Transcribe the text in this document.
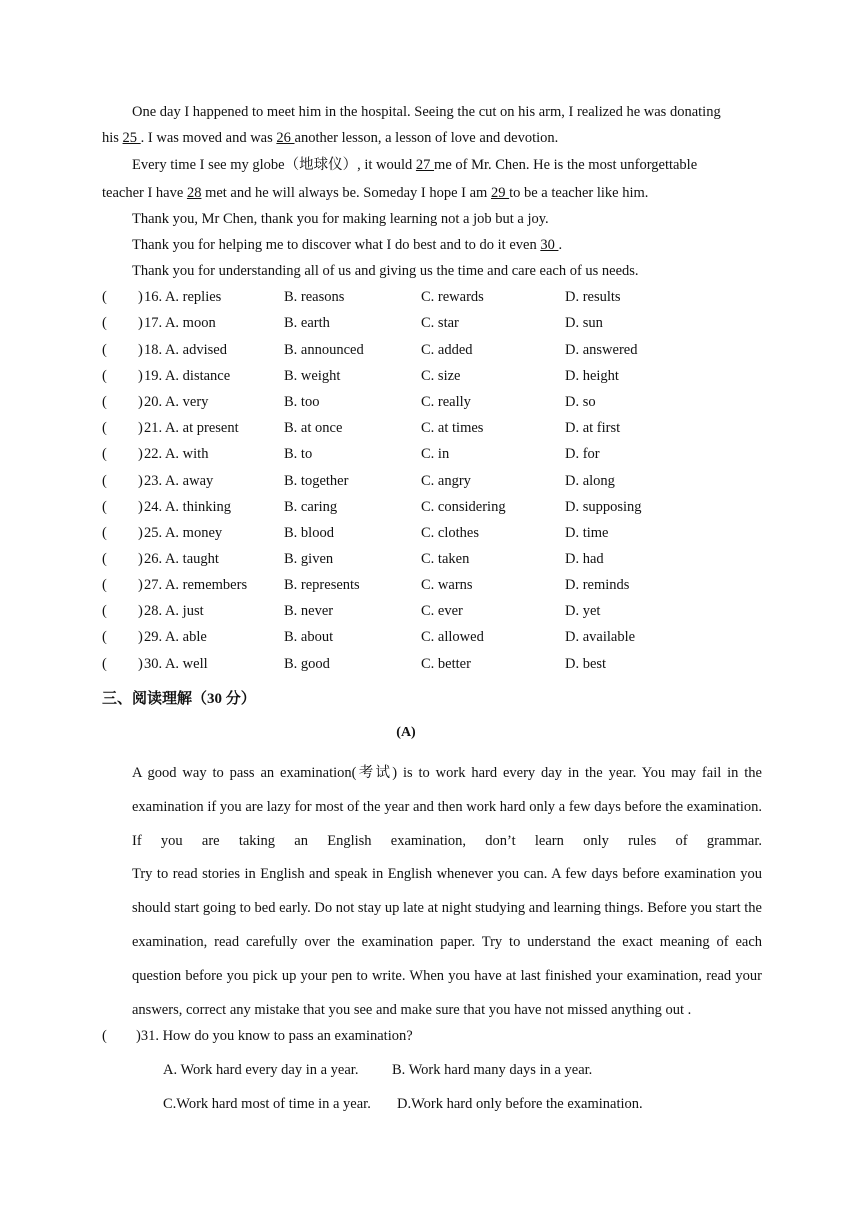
One day I happened to meet him in the hospital. Seeing the cut on his arm, I realized he was donating
his 25 . I was moved and was 26 another lesson, a lesson of love and devotion.
Every time I see my globe（地球仪）, it would 27 me of Mr. Chen. He is the most unforgettable
teacher I have 28 met and he will always be. Someday I hope I am 29 to be a teacher like him.
Thank you, Mr Chen, thank you for making learning not a job but a joy.
Thank you for helping me to discover what I do best and to do it even 30 .
Thank you for understanding all of us and giving us the time and care each of us needs.
( ) 16. A. replies	B. reasons	C. rewards	D. results
( ) 17. A. moon	B. earth	C. star	D. sun
( ) 18. A. advised	B. announced	C. added	D. answered
( ) 19. A. distance	B. weight	C. size	D. height
( ) 20. A. very	B. too	C. really	D. so
( ) 21. A. at present	B. at once	C. at times	D. at first
( ) 22. A. with	B. to	C. in	D. for
( ) 23. A. away	B. together	C. angry	D. along
( ) 24. A. thinking	B. caring	C. considering	D. supposing
( ) 25. A. money	B. blood	C. clothes	D. time
( ) 26. A. taught	B. given	C. taken	D. had
( ) 27. A. remembers	B. represents	C. warns	D. reminds
( ) 28. A. just	B. never	C. ever	D. yet
( ) 29. A. able	B. about	C. allowed	D. available
( ) 30. A. well	B. good	C. better	D. best
三、阅读理解（30 分）
(A)
A good way to pass an examination(考试) is to work hard every day in the year. You may fail in the examination if you are lazy for most of the year and then work hard only a few days before the examination. If you are taking an English examination, don’t learn only rules of grammar.
Try to read stories in English and speak in English whenever you can. A few days before examination you should start going to bed early. Do not stay up late at night studying and learning things. Before you start the examination, read carefully over the examination paper. Try to understand the exact meaning of each question before you pick up your pen to write. When you have at last finished your examination, read your answers, correct any mistake that you see and make sure that you have not missed anything out .
( )31. How do you know to pass an examination?
A. Work hard every day in a year. B. Work hard many days in a year.
C.Work hard most of time in a year. D.Work hard only before the examination.
